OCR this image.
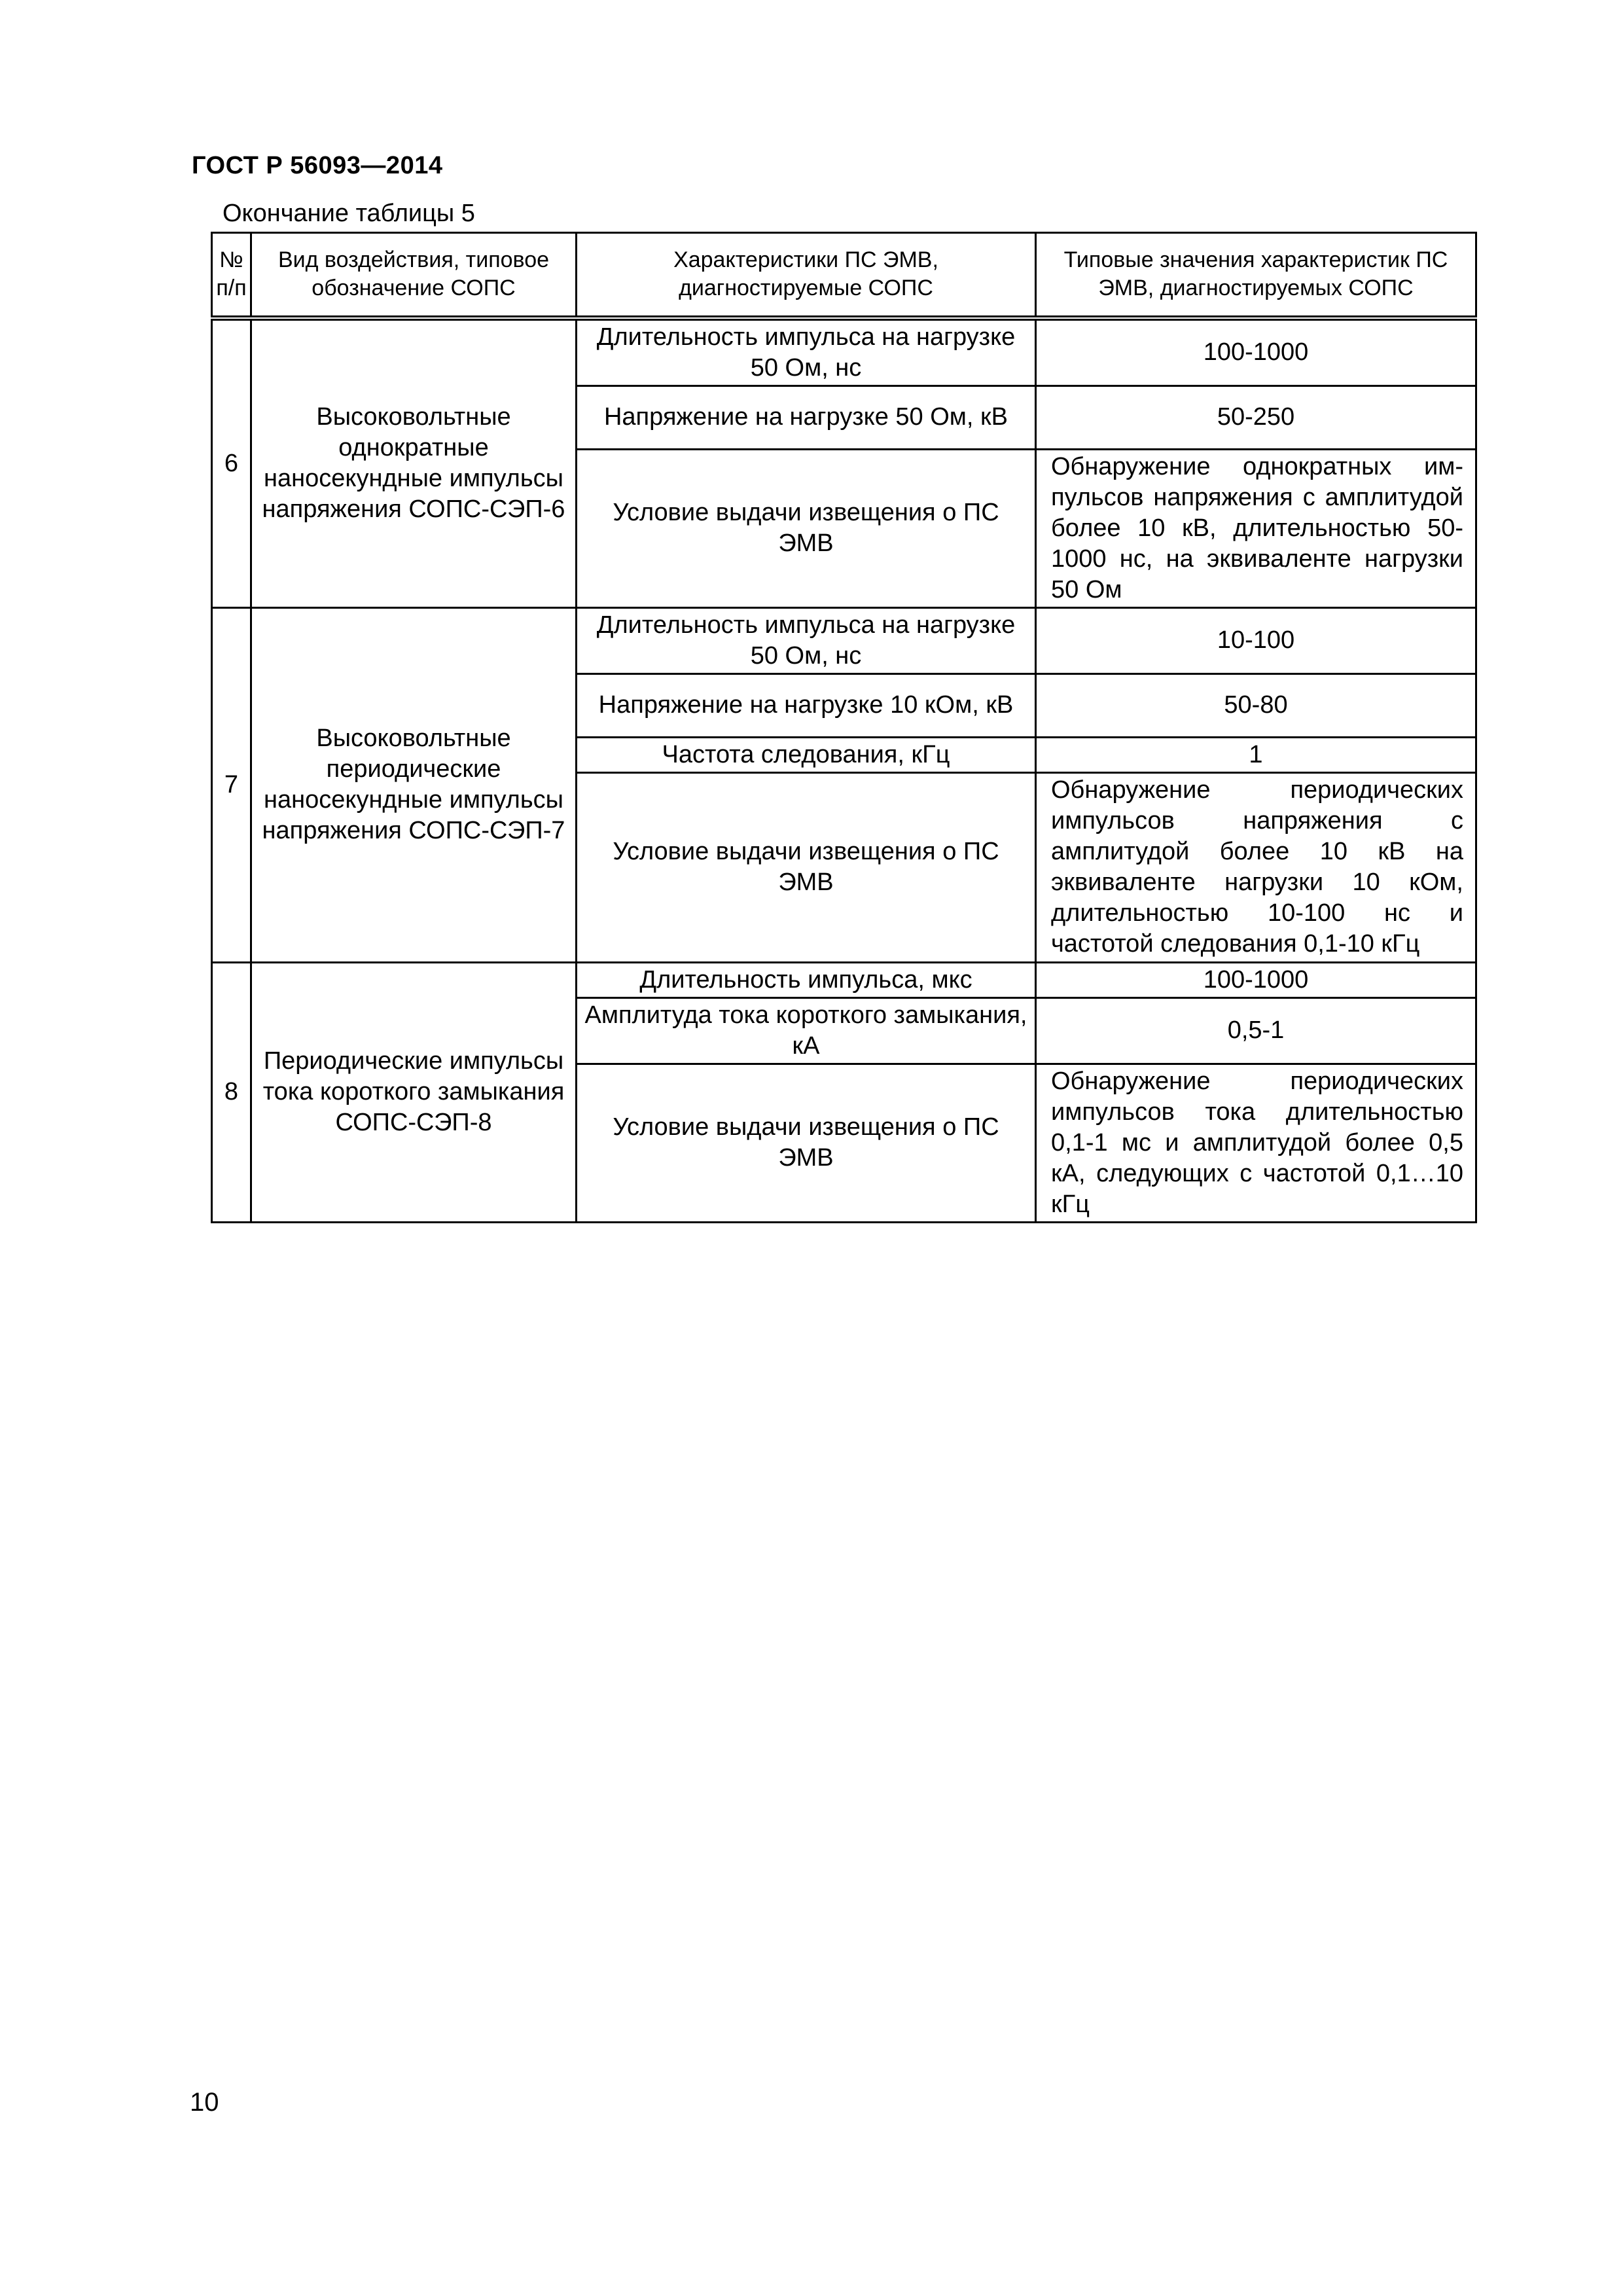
ГОСТ Р 56093—2014
Окончание таблицы 5
№ п/п	Вид воздействия, типовое обозначение СОПС	Характеристики ПС ЭМВ, диагностируемые СОПС	Типовые значения характеристик ПС ЭМВ, диагностируемых СОПС
6	Высоковольтные однократные наносекундные импульсы напряжения СОПС-СЭП-6	Длительность импульса на нагрузке 50 Ом, нс	100-1000
		Напряжение на нагрузке 50 Ом, кВ	50-250
		Условие выдачи извещения о ПС ЭМВ	Обнаружение однократных им-пульсов напряжения с амплитудой более 10 кВ, длительностью 50-1000 нс, на эквиваленте нагрузки 50 Ом
7	Высоковольтные периодические наносекундные импульсы напряжения СОПС-СЭП-7	Длительность импульса на нагрузке 50 Ом, нс	10-100
		Напряжение на нагрузке 10 кОм, кВ	50-80
		Частота следования, кГц	1
		Условие выдачи извещения о ПС ЭМВ	Обнаружение периодических импульсов напряжения с амплитудой более 10 кВ на эквиваленте нагрузки 10 кОм, длительностью 10-100 нс и частотой следования 0,1-10 кГц
8	Периодические импульсы тока короткого замыкания СОПС-СЭП-8	Длительность импульса, мкс	100-1000
		Амплитуда тока короткого замыкания, кА	0,5-1
		Условие выдачи извещения о ПС ЭМВ	Обнаружение периодических импульсов тока длительностью 0,1-1 мс и амплитудой более 0,5 кА, следующих с частотой 0,1…10 кГц
10
